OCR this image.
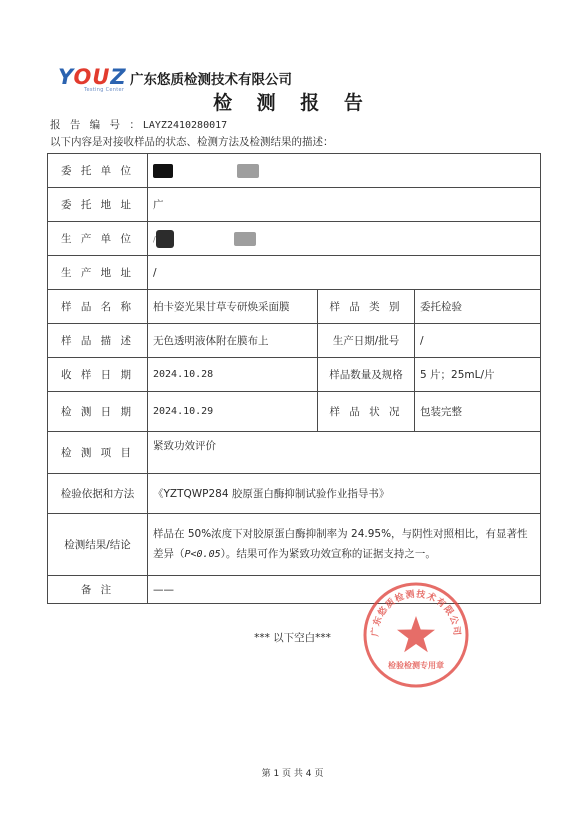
YOUZ
Testing Center
广东悠质检测技术有限公司
检 测 报 告
报 告 编 号 ：LAYZ2410280017
以下内容是对接收样品的状态、检测方法及检测结果的描述：
委 托 单 位			
委 托 地 址	广		
生 产 单 位	/		
生 产 地 址	/		
样 品 名 称	柏卡姿光果甘草专研焕采面膜	样 品 类 别	委托检验
样 品 描 述	无色透明液体附在膜布上	生产日期/批号	/
收 样 日 期	2024.10.28	样品数量及规格	5 片；25mL/片
检 测 日 期	2024.10.29	样 品 状 况	包装完整
检 测 项 目	紧致功效评价		
检验依据和方法	《YZTQWP284 胶原蛋白酶抑制试验作业指导书》		
检测结果/结论	样品在 50%浓度下对胶原蛋白酶抑制率为 24.95%，与阴性对照相比，有显著性差异（P<0.05）。结果可作为紧致功效宣称的证据支持之一。		

备 注	——		
*** 以下空白***
广东悠质检测技术有限公司
检验检测专用章
第 1 页 共 4 页
